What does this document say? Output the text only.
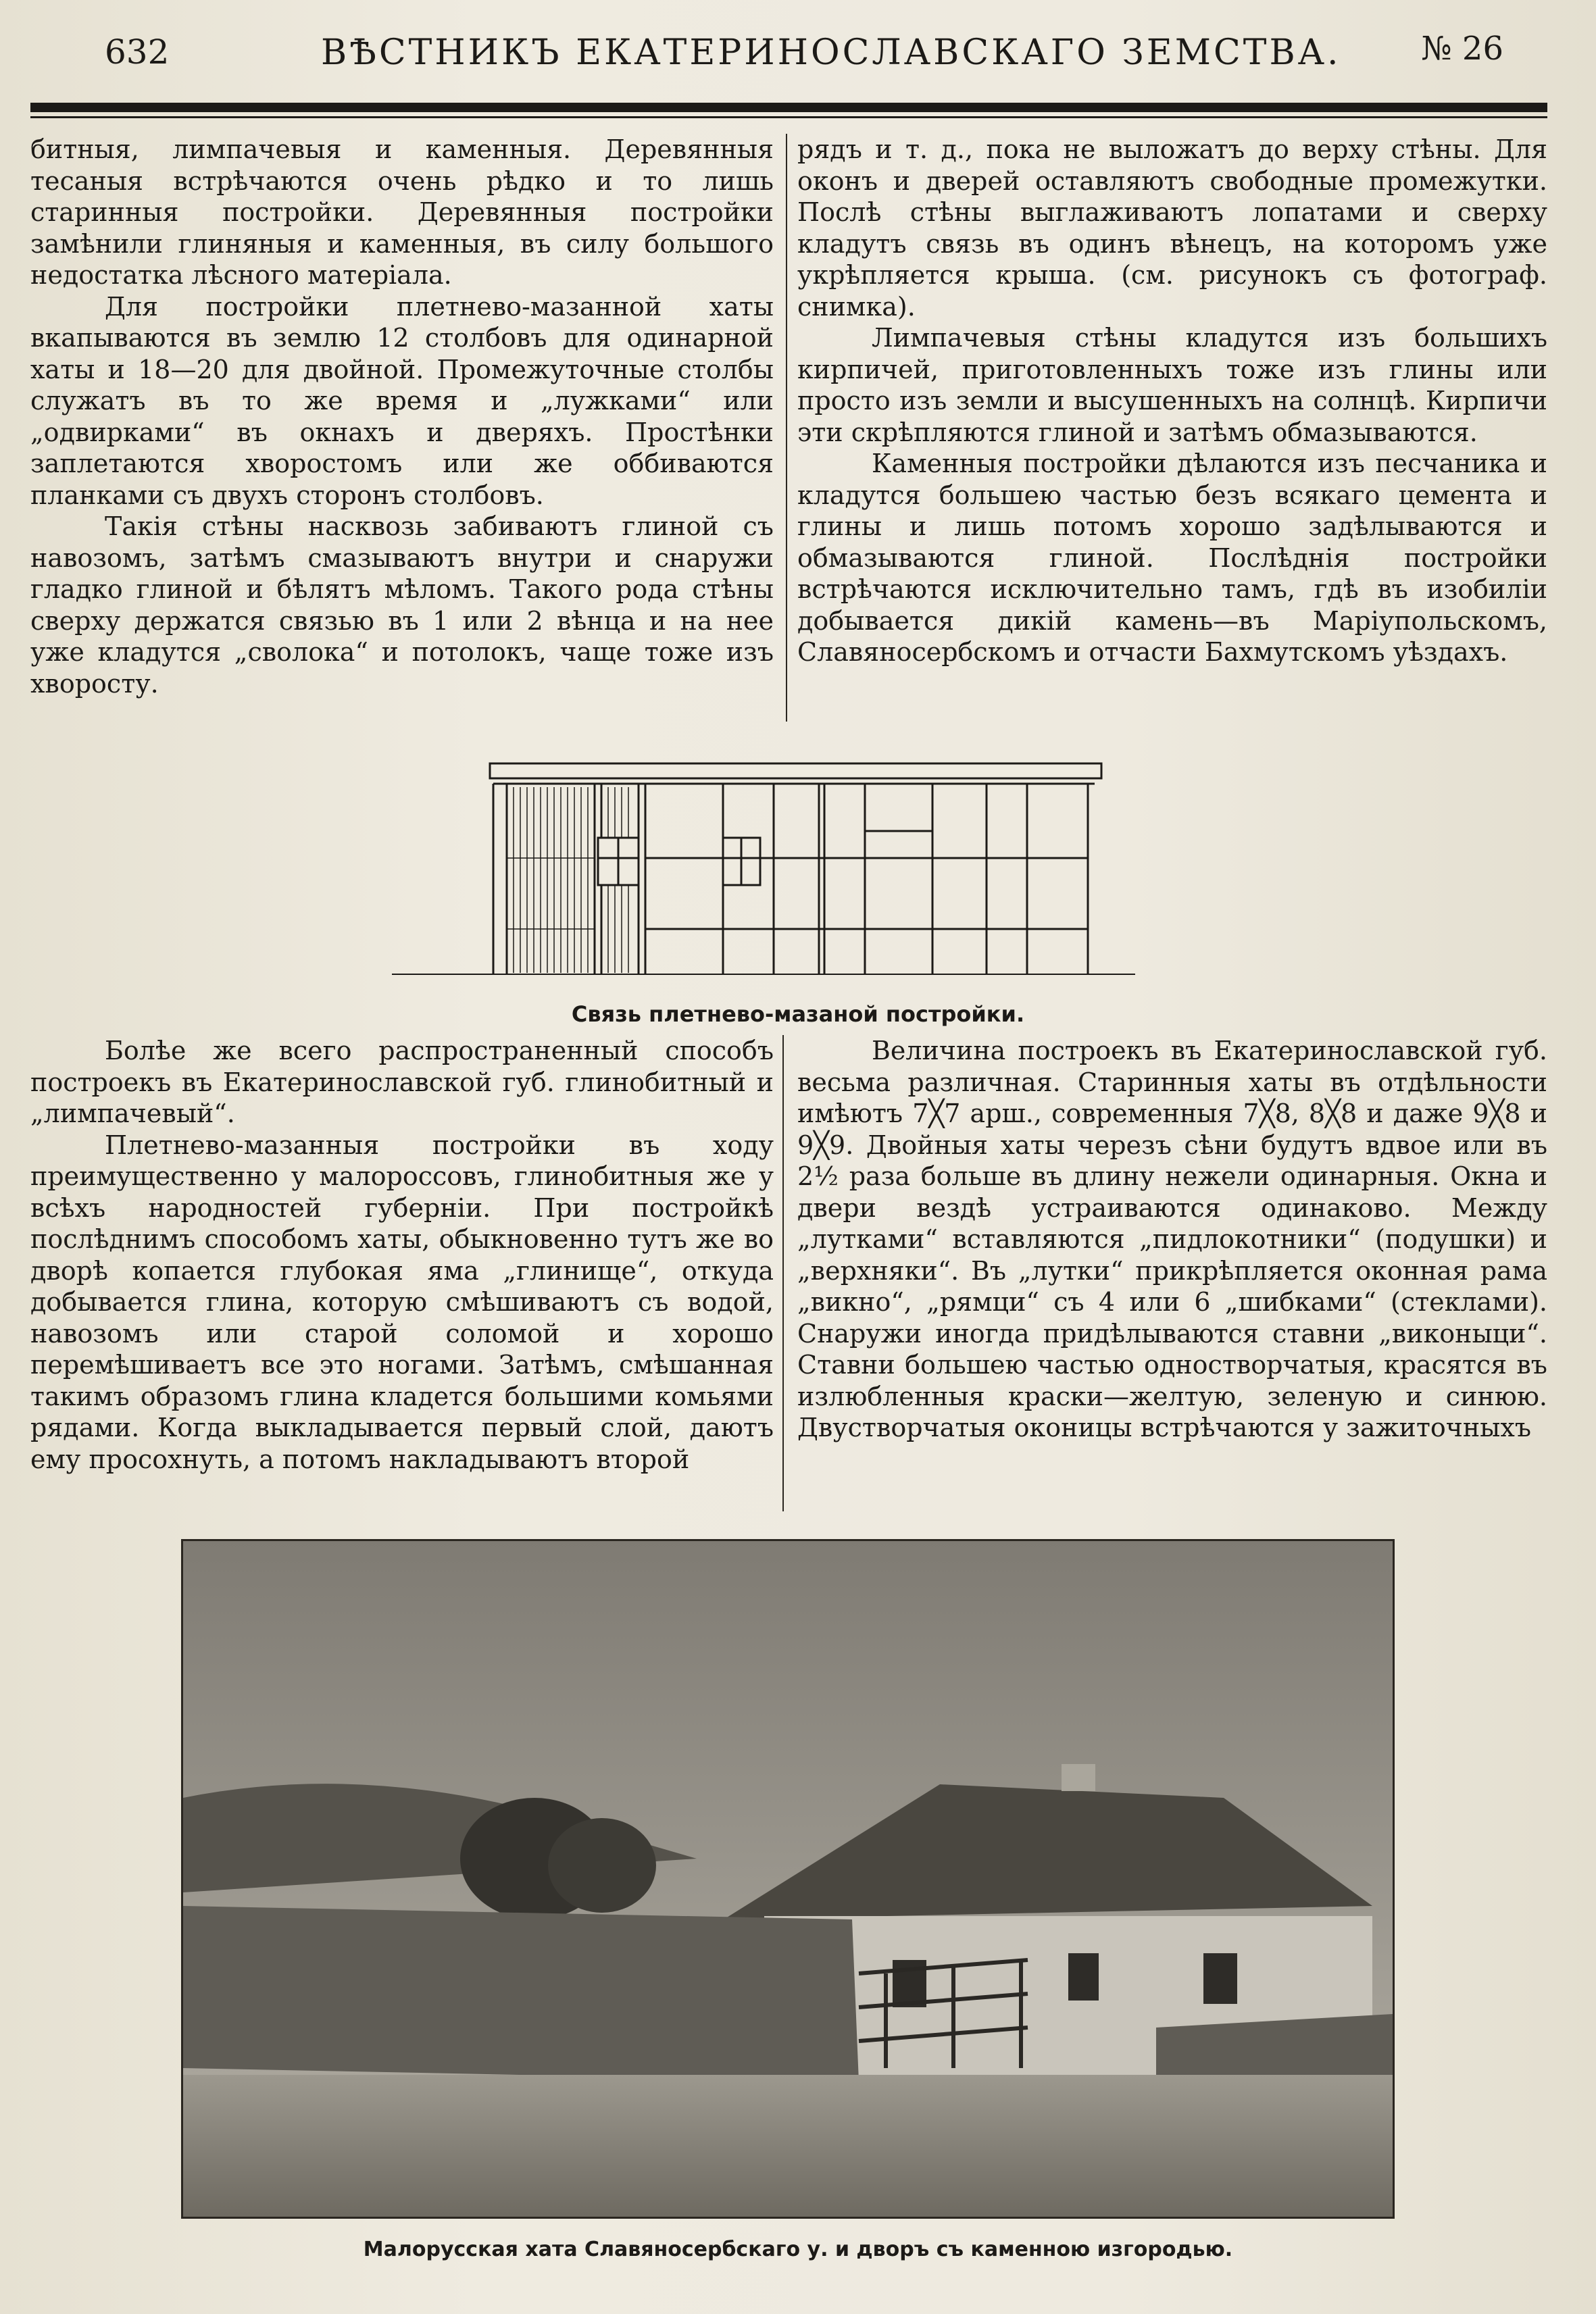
632	ВѢСТНИКЪ ЕКАТЕРИНОСЛАВСКАГО ЗЕМСТВА. № 26

битныя, лимпачевыя и каменныя. Деревянныя тесаныя встрѣчаются очень рѣдко и то лишь старинныя постройки. Деревянныя постройки замѣнили глиняныя и каменныя, въ силу большого недостатка лѣсного матеріала.

Для постройки плетнево-мазанной хаты вкапываются въ землю 12 столбовъ для одинарной хаты и 18—20 для двойной. Промежуточные столбы служатъ въ то же время и „лужками“ или „одвирками“ въ окнахъ и дверяхъ. Простѣнки заплетаются хворостомъ или же оббиваются планками съ двухъ сторонъ столбовъ.

Такія стѣны насквозь забиваютъ глиной съ навозомъ, затѣмъ смазываютъ внутри и снаружи гладко глиной и бѣлятъ мѣломъ. Такого рода стѣны сверху держатся связью въ 1 или 2 вѣнца и на нее уже кладутся „сволока“ и потолокъ, чаще тоже изъ хворосту.

рядъ и т. д., пока не выложатъ до верху стѣны. Для оконъ и дверей оставляютъ свободные промежутки. Послѣ стѣны выглаживаютъ лопатами и сверху кладутъ связь въ одинъ вѣнецъ, на которомъ уже укрѣпляется крыша. (см. рисунокъ съ фотограф. снимка).

Лимпачевыя стѣны кладутся изъ большихъ кирпичей, приготовленныхъ тоже изъ глины или просто изъ земли и высушенныхъ на солнцѣ. Кирпичи эти скрѣпляются глиной и затѣмъ обмазываются.

Каменныя постройки дѣлаются изъ песчаника и кладутся большею частью безъ всякаго цемента и глины и лишь потомъ хорошо задѣлываются и обмазываются глиной. Послѣднія постройки встрѣчаются исключительно тамъ, гдѣ въ изобиліи добывается дикій камень—въ Маріупольскомъ, Славяносербскомъ и отчасти Бахмутскомъ уѣздахъ.

Связь плетнево-мазаной постройки.

Болѣе же всего распространенный способъ построекъ въ Екатеринославской губ. глинобитный и „лимпачевый“.

Плетнево-мазанныя постройки въ ходу преимущественно у малороссовъ, глинобитныя же у всѣхъ народностей губерніи. При постройкѣ послѣднимъ способомъ хаты, обыкновенно тутъ же во дворѣ копается глубокая яма „глинище“, откуда добывается глина, которую смѣшиваютъ съ водой, навозомъ или старой соломой и хорошо перемѣшиваетъ все это ногами. Затѣмъ, смѣшанная такимъ образомъ глина кладется большими комьями рядами. Когда выкладывается первый слой, даютъ ему просохнуть, а потомъ накладываютъ второй

Величина построекъ въ Екатеринославской губ. весьма различная. Старинныя хаты въ отдѣльности имѣютъ 7╳7 арш., современныя 7╳8, 8╳8 и даже 9╳8 и 9╳9. Двойныя хаты черезъ сѣни будутъ вдвое или въ 2½ раза больше въ длину нежели одинарныя. Окна и двери вездѣ устраиваются одинаково. Между „лутками“ вставляются „пидлокотники“ (подушки) и „верхняки“. Въ „лутки“ прикрѣпляется оконная рама „викно“, „рямци“ съ 4 или 6 „шибками“ (стеклами). Снаружи иногда придѣлываются ставни „виконыци“. Ставни большею частью одностворчатыя, красятся въ излюбленныя краски—желтую, зеленую и синюю. Двустворчатыя оконицы встрѣчаются у зажиточныхъ

Малорусская хата Славяносербскаго у. и дворъ съ каменною изгородью.
